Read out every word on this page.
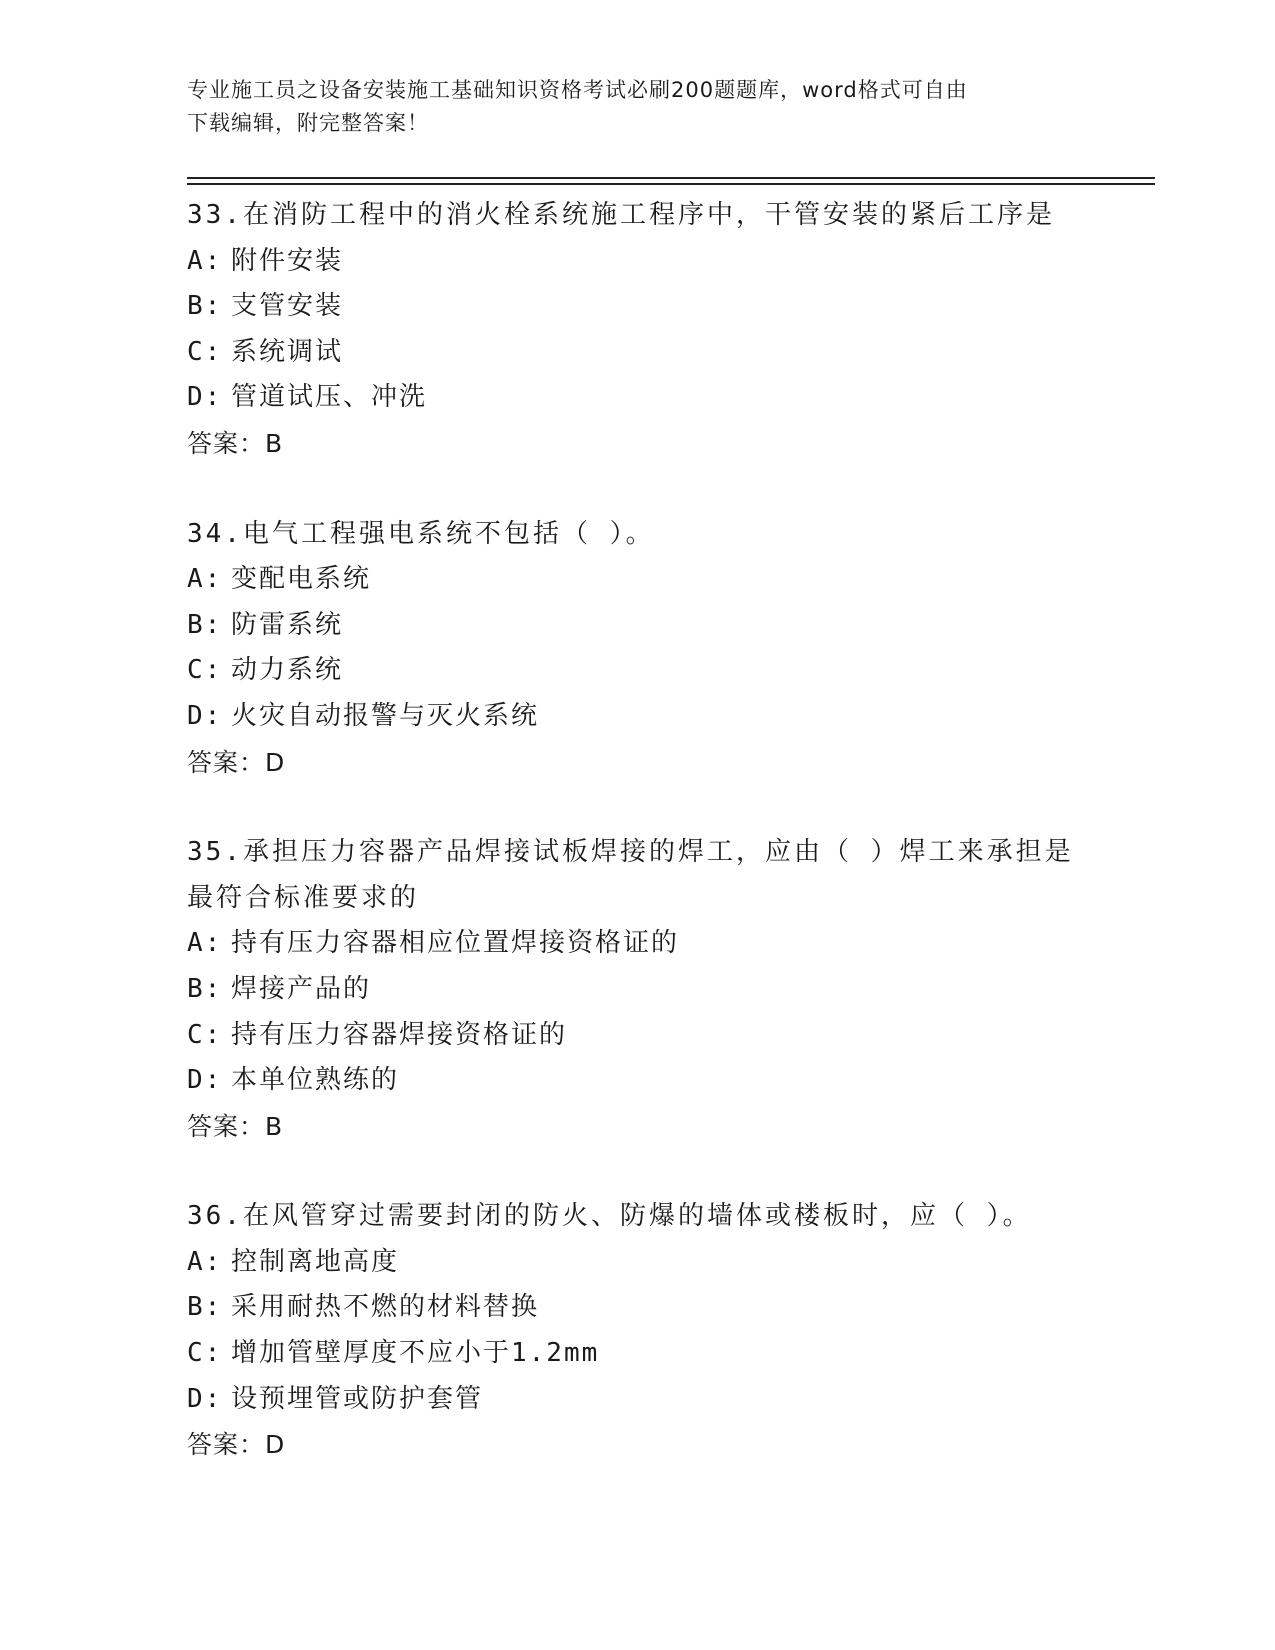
专业施工员之设备安装施工基础知识资格考试必刷200题题库，word格式可自由

下载编辑，附完整答案！

33.在消防工程中的消火栓系统施工程序中，干管安装的紧后工序是
A: 附件安装
B: 支管安装
C: 系统调试
D: 管道试压、冲洗
答案：B
34.电气工程强电系统不包括（ ）。
A: 变配电系统
B: 防雷系统
C: 动力系统
D: 火灾自动报警与灭火系统
答案：D
35.承担压力容器产品焊接试板焊接的焊工，应由（ ）焊工来承担是
最符合标准要求的
A: 持有压力容器相应位置焊接资格证的
B: 焊接产品的
C: 持有压力容器焊接资格证的
D: 本单位熟练的
答案：B
36.在风管穿过需要封闭的防火、防爆的墙体或楼板时，应（ ）。
A: 控制离地高度
B: 采用耐热不燃的材料替换
C: 增加管壁厚度不应小于1.2mm
D: 设预埋管或防护套管
答案：D
